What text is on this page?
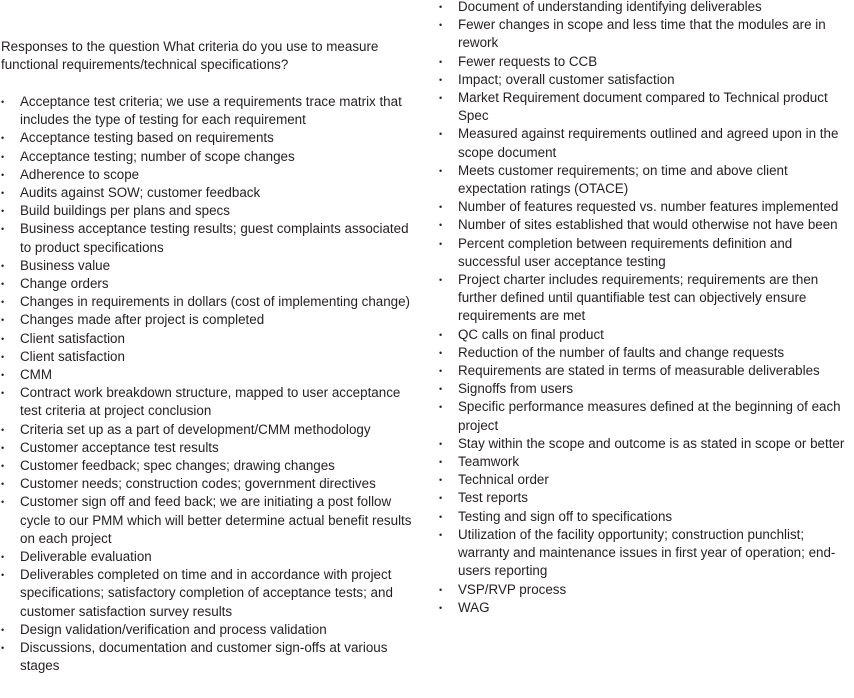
Responses to the question What criteria do you use to measure functional requirements/technical specifications?

• Acceptance test criteria; we use a requirements trace matrix that includes the type of testing for each requirement
• Acceptance testing based on requirements
• Acceptance testing; number of scope changes
• Adherence to scope
• Audits against SOW; customer feedback
• Build buildings per plans and specs
• Business acceptance testing results; guest complaints associated to product specifications
• Business value
• Change orders
• Changes in requirements in dollars (cost of implementing change)
• Changes made after project is completed
• Client satisfaction
• Client satisfaction
• CMM
• Contract work breakdown structure, mapped to user acceptance test criteria at project conclusion
• Criteria set up as a part of development/CMM methodology
• Customer acceptance test results
• Customer feedback; spec changes; drawing changes
• Customer needs; construction codes; government directives
• Customer sign off and feed back; we are initiating a post follow cycle to our PMM which will better determine actual benefit results on each project
• Deliverable evaluation
• Deliverables completed on time and in accordance with project specifications; satisfactory completion of acceptance tests; and customer satisfaction survey results
• Design validation/verification and process validation
• Discussions, documentation and customer sign-offs at various stages
• Document of understanding identifying deliverables
• Fewer changes in scope and less time that the modules are in rework
• Fewer requests to CCB
• Impact; overall customer satisfaction
• Market Requirement document compared to Technical product Spec
• Measured against requirements outlined and agreed upon in the scope document
• Meets customer requirements; on time and above client expectation ratings (OTACE)
• Number of features requested vs. number features implemented
• Number of sites established that would otherwise not have been
• Percent completion between requirements definition and successful user acceptance testing
• Project charter includes requirements; requirements are then further defined until quantifiable test can objectively ensure requirements are met
• QC calls on final product
• Reduction of the number of faults and change requests
• Requirements are stated in terms of measurable deliverables
• Signoffs from users
• Specific performance measures defined at the beginning of each project
• Stay within the scope and outcome is as stated in scope or better
• Teamwork
• Technical order
• Test reports
• Testing and sign off to specifications
• Utilization of the facility opportunity; construction punchlist; warranty and maintenance issues in first year of operation; end-users reporting
• VSP/RVP process
• WAG
